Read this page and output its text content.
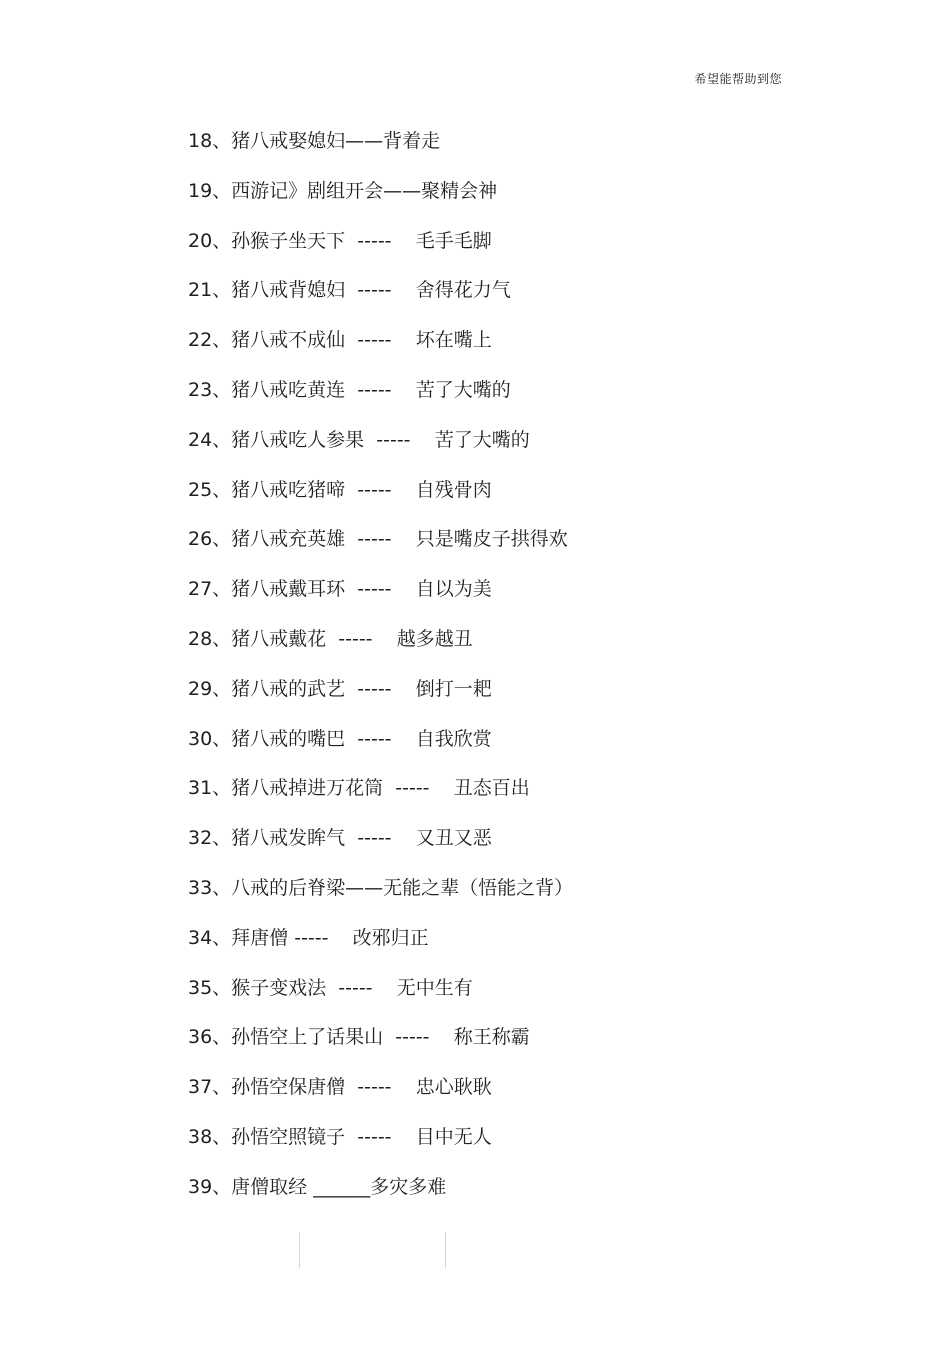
希望能帮助到您
18、猪八戒娶媳妇——背着走
19、西游记》剧组开会——聚精会神
20、孙猴子坐天下  -----    毛手毛脚
21、猪八戒背媳妇  -----    舍得花力气
22、猪八戒不成仙  -----    坏在嘴上
23、猪八戒吃黄连  -----    苦了大嘴的
24、猪八戒吃人参果  -----    苦了大嘴的
25、猪八戒吃猪啼  -----    自残骨肉
26、猪八戒充英雄  -----    只是嘴皮子拱得欢
27、猪八戒戴耳环  -----    自以为美
28、猪八戒戴花  -----    越多越丑
29、猪八戒的武艺  -----    倒打一耙
30、猪八戒的嘴巴  -----    自我欣赏
31、猪八戒掉进万花筒  -----    丑态百出
32、猪八戒发眸气  -----    又丑又恶
33、八戒的后脊梁——无能之辈（悟能之背）
34、拜唐僧 -----    改邪归正
35、猴子变戏法  -----    无中生有
36、孙悟空上了话果山  -----    称王称霸
37、孙悟空保唐僧  -----    忠心耿耿
38、孙悟空照镜子  -----    目中无人
39、唐僧取经 ______多灾多难
